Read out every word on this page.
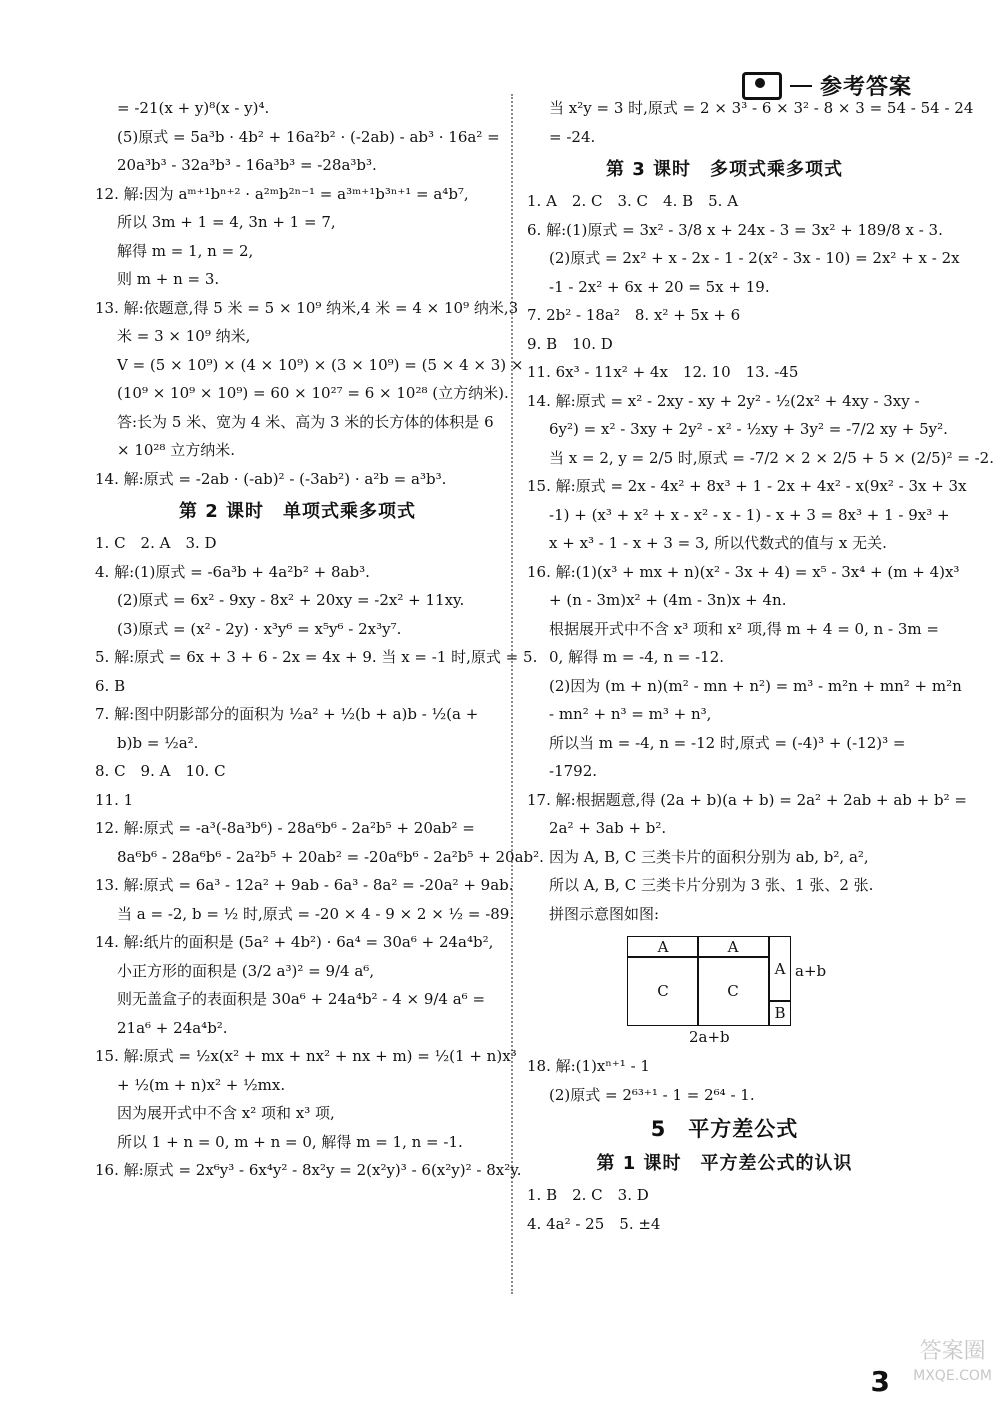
参考答案
= -21(x + y)⁸(x - y)⁴.
(5)原式 = 5a³b · 4b² + 16a²b² · (-2ab) - ab³ · 16a² =
20a³b³ - 32a³b³ - 16a³b³ = -28a³b³.
12. 解:因为 aᵐ⁺¹bⁿ⁺² · a²ᵐb²ⁿ⁻¹ = a³ᵐ⁺¹b³ⁿ⁺¹ = a⁴b⁷,
所以 3m + 1 = 4, 3n + 1 = 7,
解得 m = 1, n = 2,
则 m + n = 3.
13. 解:依题意,得 5 米 = 5 × 10⁹ 纳米,4 米 = 4 × 10⁹ 纳米,3
米 = 3 × 10⁹ 纳米,
V = (5 × 10⁹) × (4 × 10⁹) × (3 × 10⁹) = (5 × 4 × 3) ×
(10⁹ × 10⁹ × 10⁹) = 60 × 10²⁷ = 6 × 10²⁸ (立方纳米).
答:长为 5 米、宽为 4 米、高为 3 米的长方体的体积是 6
× 10²⁸ 立方纳米.
14. 解:原式 = -2ab · (-ab)² - (-3ab²) · a²b = a³b³.
第 2 课时　单项式乘多项式
1. C　2. A　3. D
4. 解:(1)原式 = -6a³b + 4a²b² + 8ab³.
(2)原式 = 6x² - 9xy - 8x² + 20xy = -2x² + 11xy.
(3)原式 = (x² - 2y) · x³y⁶ = x⁵y⁶ - 2x³y⁷.
5. 解:原式 = 6x + 3 + 6 - 2x = 4x + 9. 当 x = -1 时,原式 = 5.
6. B
7. 解:图中阴影部分的面积为 ½a² + ½(b + a)b - ½(a +
b)b = ½a².
8. C　9. A　10. C
11. 1
12. 解:原式 = -a³(-8a³b⁶) - 28a⁶b⁶ - 2a²b⁵ + 20ab² =
8a⁶b⁶ - 28a⁶b⁶ - 2a²b⁵ + 20ab² = -20a⁶b⁶ - 2a²b⁵ + 20ab².
13. 解:原式 = 6a³ - 12a² + 9ab - 6a³ - 8a² = -20a² + 9ab.
当 a = -2, b = ½ 时,原式 = -20 × 4 - 9 × 2 × ½ = -89.
14. 解:纸片的面积是 (5a² + 4b²) · 6a⁴ = 30a⁶ + 24a⁴b²,
小正方形的面积是 (3/2 a³)² = 9/4 a⁶,
则无盖盒子的表面积是 30a⁶ + 24a⁴b² - 4 × 9/4 a⁶ =
21a⁶ + 24a⁴b².
15. 解:原式 = ½x(x² + mx + nx² + nx + m) = ½(1 + n)x³
+ ½(m + n)x² + ½mx.
因为展开式中不含 x² 项和 x³ 项,
所以 1 + n = 0, m + n = 0, 解得 m = 1, n = -1.
16. 解:原式 = 2x⁶y³ - 6x⁴y² - 8x²y = 2(x²y)³ - 6(x²y)² - 8x²y.
当 x²y = 3 时,原式 = 2 × 3³ - 6 × 3² - 8 × 3 = 54 - 54 - 24
= -24.
第 3 课时　多项式乘多项式
1. A　2. C　3. C　4. B　5. A
6. 解:(1)原式 = 3x² - 3/8 x + 24x - 3 = 3x² + 189/8 x - 3.
(2)原式 = 2x² + x - 2x - 1 - 2(x² - 3x - 10) = 2x² + x - 2x
-1 - 2x² + 6x + 20 = 5x + 19.
7. 2b² - 18a²　8. x² + 5x + 6
9. B　10. D
11. 6x³ - 11x² + 4x　12. 10　13. -45
14. 解:原式 = x² - 2xy - xy + 2y² - ½(2x² + 4xy - 3xy -
6y²) = x² - 3xy + 2y² - x² - ½xy + 3y² = -7/2 xy + 5y².
当 x = 2, y = 2/5 时,原式 = -7/2 × 2 × 2/5 + 5 × (2/5)² = -2.
15. 解:原式 = 2x - 4x² + 8x³ + 1 - 2x + 4x² - x(9x² - 3x + 3x
-1) + (x³ + x² + x - x² - x - 1) - x + 3 = 8x³ + 1 - 9x³ +
x + x³ - 1 - x + 3 = 3, 所以代数式的值与 x 无关.
16. 解:(1)(x³ + mx + n)(x² - 3x + 4) = x⁵ - 3x⁴ + (m + 4)x³
+ (n - 3m)x² + (4m - 3n)x + 4n.
根据展开式中不含 x³ 项和 x² 项,得 m + 4 = 0, n - 3m =
0, 解得 m = -4, n = -12.
(2)因为 (m + n)(m² - mn + n²) = m³ - m²n + mn² + m²n
- mn² + n³ = m³ + n³,
所以当 m = -4, n = -12 时,原式 = (-4)³ + (-12)³ =
-1792.
17. 解:根据题意,得 (2a + b)(a + b) = 2a² + 2ab + ab + b² =
2a² + 3ab + b².
因为 A, B, C 三类卡片的面积分别为 ab, b², a²,
所以 A, B, C 三类卡片分别为 3 张、1 张、2 张.
拼图示意图如图:
A	A
A
C	C
B
a+b
2a+b
18. 解:(1)xⁿ⁺¹ - 1
(2)原式 = 2⁶³⁺¹ - 1 = 2⁶⁴ - 1.
5　平方差公式
第 1 课时　平方差公式的认识
1. B　2. C　3. D
4. 4a² - 25　5. ±4
3
答案圈
MXQE.COM
